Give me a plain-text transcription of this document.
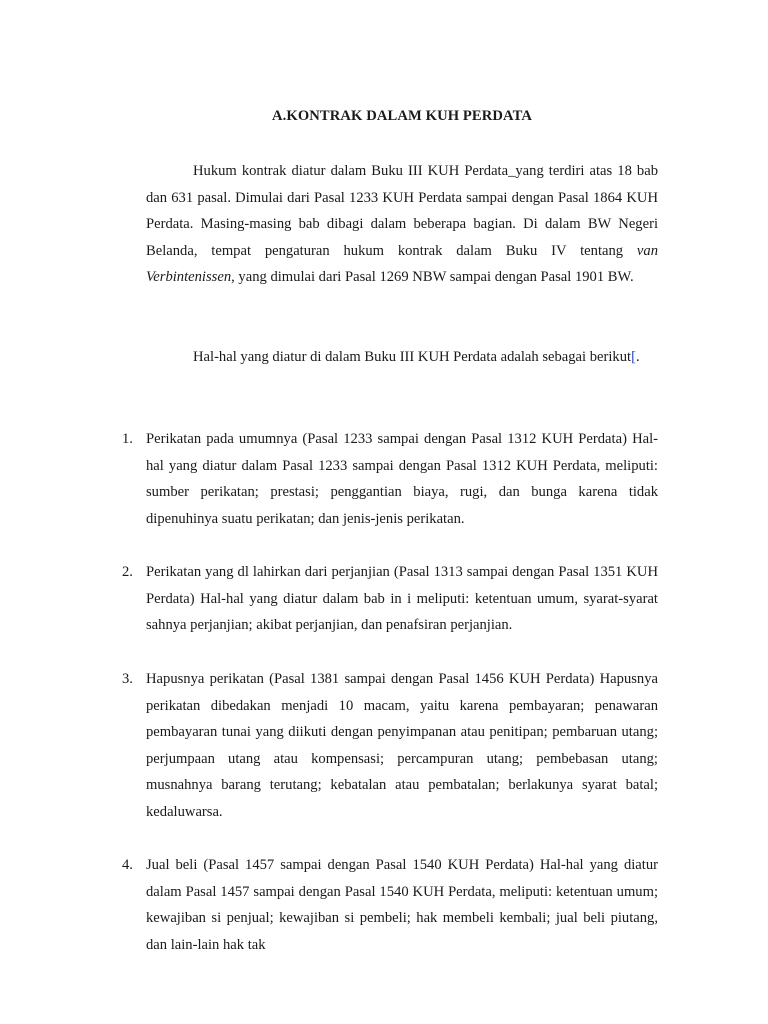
A.KONTRAK DALAM KUH PERDATA
Hukum kontrak diatur dalam Buku III KUH Perdata_yang terdiri atas 18 bab dan 631 pasal. Dimulai dari Pasal 1233 KUH Perdata sampai dengan Pasal 1864 KUH Perdata. Masing-masing bab dibagi dalam beberapa bagian. Di dalam BW Negeri Belanda, tempat pengaturan hukum kontrak dalam Buku IV tentang van Verbintenissen, yang dimulai dari Pasal 1269 NBW sampai dengan Pasal 1901 BW.
Hal-hal yang diatur di dalam Buku III KUH Perdata adalah sebagai berikut[.
1. Perikatan pada umumnya (Pasal 1233 sampai dengan Pasal 1312 KUH Perdata) Hal-hal yang diatur dalam Pasal 1233 sampai dengan Pasal 1312 KUH Perdata, meliputi: sumber perikatan; prestasi; penggantian biaya, rugi, dan bunga karena tidak dipenuhinya suatu perikatan; dan jenis-jenis perikatan.
2. Perikatan yang dl lahirkan dari perjanjian (Pasal 1313 sampai dengan Pasal 1351 KUH Perdata) Hal-hal yang diatur dalam bab in i meliputi: ketentuan umum, syarat-syarat sahnya perjanjian; akibat perjanjian, dan penafsiran perjanjian.
3. Hapusnya perikatan (Pasal 1381 sampai dengan Pasal 1456 KUH Perdata) Hapusnya perikatan dibedakan menjadi 10 macam, yaitu karena pembayaran; penawaran pembayaran tunai yang diikuti dengan penyimpanan atau penitipan; pembaruan utang; perjumpaan utang atau kompensasi; percampuran utang; pembebasan utang; musnahnya barang terutang; kebatalan atau pembatalan; berlakunya syarat batal; kedaluwarsa.
4. Jual beli (Pasal 1457 sampai dengan Pasal 1540 KUH Perdata) Hal-hal yang diatur dalam Pasal 1457 sampai dengan Pasal 1540 KUH Perdata, meliputi: ketentuan umum; kewajiban si penjual; kewajiban si pembeli; hak membeli kembali; jual beli piutang, dan lain-lain hak tak
